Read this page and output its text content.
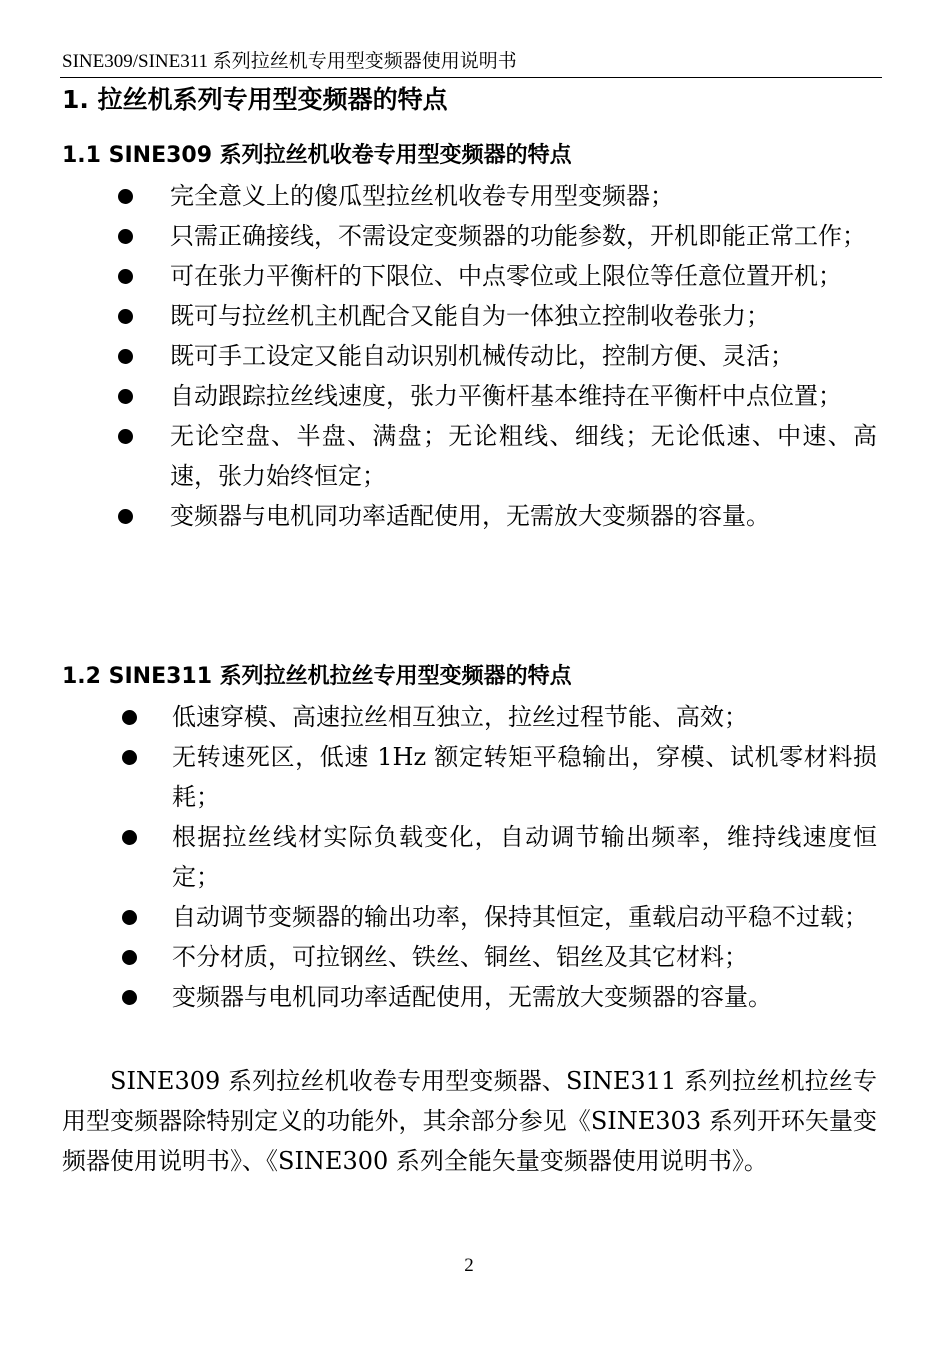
SINE309/SINE311 系列拉丝机专用型变频器使用说明书
1. 拉丝机系列专用型变频器的特点
1.1 SINE309 系列拉丝机收卷专用型变频器的特点
完全意义上的傻瓜型拉丝机收卷专用型变频器；
只需正确接线，不需设定变频器的功能参数，开机即能正常工作；
可在张力平衡杆的下限位、中点零位或上限位等任意位置开机；
既可与拉丝机主机配合又能自为一体独立控制收卷张力；
既可手工设定又能自动识别机械传动比，控制方便、灵活；
自动跟踪拉丝线速度，张力平衡杆基本维持在平衡杆中点位置；
无论空盘、半盘、满盘；无论粗线、细线；无论低速、中速、高速，张力始终恒定；
变频器与电机同功率适配使用，无需放大变频器的容量。
1.2 SINE311 系列拉丝机拉丝专用型变频器的特点
低速穿模、高速拉丝相互独立，拉丝过程节能、高效；
无转速死区，低速 1Hz 额定转矩平稳输出，穿模、试机零材料损耗；
根据拉丝线材实际负载变化，自动调节输出频率，维持线速度恒定；
自动调节变频器的输出功率，保持其恒定，重载启动平稳不过载；
不分材质，可拉钢丝、铁丝、铜丝、铝丝及其它材料；
变频器与电机同功率适配使用，无需放大变频器的容量。

SINE309 系列拉丝机收卷专用型变频器、SINE311 系列拉丝机拉丝专用型变频器除特别定义的功能外，其余部分参见《SINE303 系列开环矢量变频器使用说明书》、《SINE300 系列全能矢量变频器使用说明书》。

2
